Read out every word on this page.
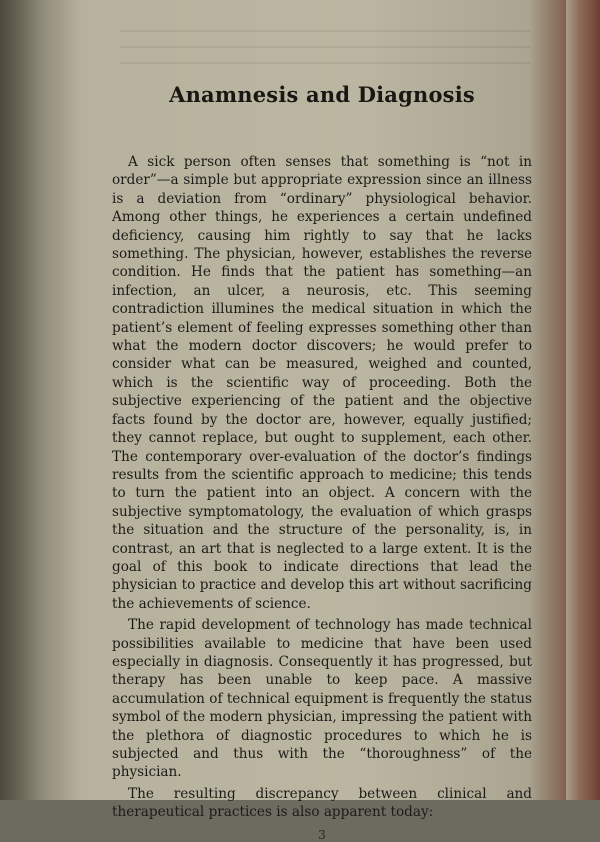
Anamnesis and Diagnosis

A sick person often senses that something is “not in order”—a simple but appropriate expression since an illness is a deviation from “ordinary” physiological behavior. Among other things, he experiences a certain undefined deficiency, causing him rightly to say that he lacks something. The physician, however, establishes the reverse condition. He finds that the patient has something—an infection, an ulcer, a neurosis, etc. This seeming contradiction illumines the medical situation in which the patient’s element of feeling expresses something other than what the modern doctor discovers; he would prefer to consider what can be measured, weighed and counted, which is the scientific way of proceeding. Both the subjective experiencing of the patient and the objective facts found by the doctor are, however, equally justified; they cannot replace, but ought to supplement, each other. The contemporary over-evaluation of the doctor’s findings results from the scientific approach to medicine; this tends to turn the patient into an object. A concern with the subjective symptomatology, the evaluation of which grasps the situation and the structure of the personality, is, in contrast, an art that is neglected to a large extent. It is the goal of this book to indicate directions that lead the physician to practice and develop this art without sacrificing the achievements of science.

The rapid development of technology has made technical possibilities available to medicine that have been used especially in diagnosis. Consequently it has progressed, but therapy has been unable to keep pace. A massive accumulation of technical equipment is frequently the status symbol of the modern physician, impressing the patient with the plethora of diagnostic procedures to which he is subjected and thus with the “thoroughness” of the physician.

The resulting discrepancy between clinical and therapeutical practices is also apparent today:

3
